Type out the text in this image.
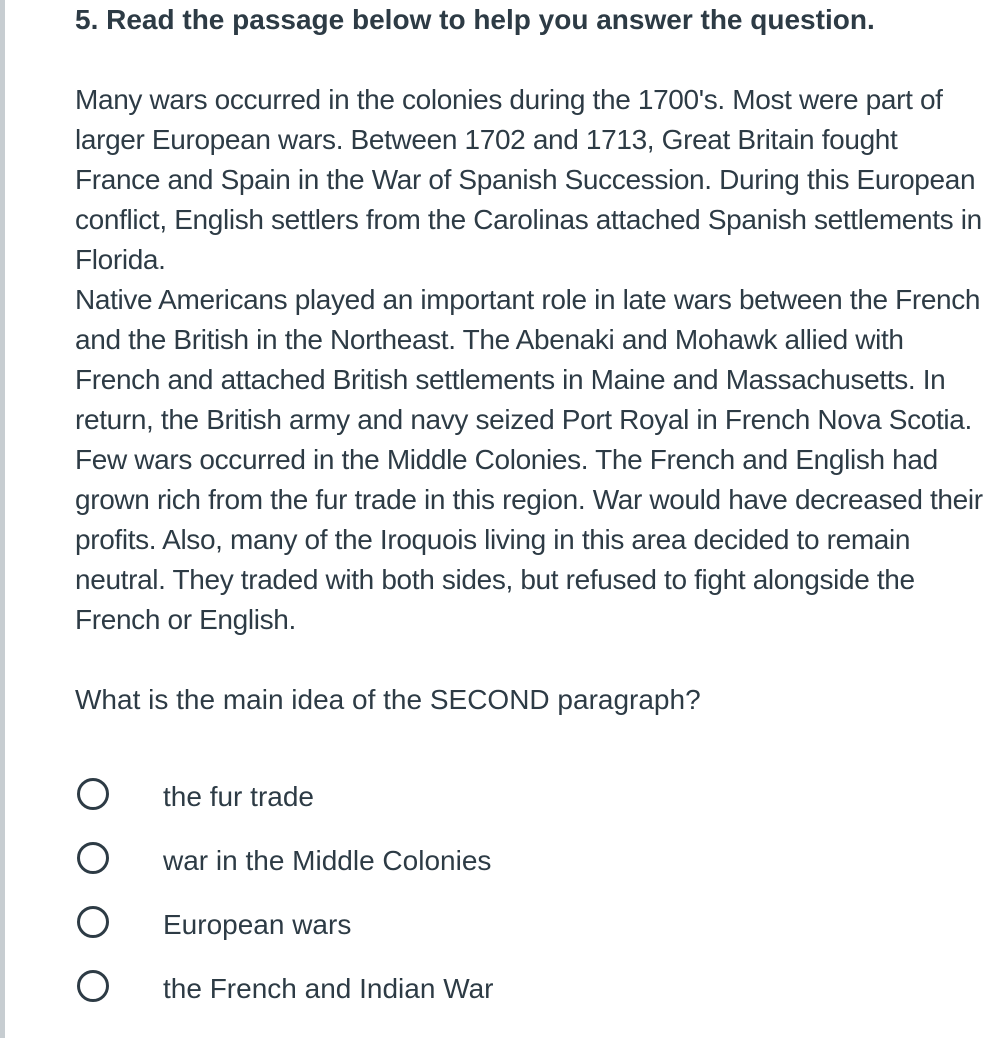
5. Read the passage below to help you answer the question.

Many wars occurred in the colonies during the 1700's. Most were part of larger European wars. Between 1702 and 1713, Great Britain fought France and Spain in the War of Spanish Succession. During this European conflict, English settlers from the Carolinas attached Spanish settlements in Florida.

Native Americans played an important role in late wars between the French and the British in the Northeast. The Abenaki and Mohawk allied with French and attached British settlements in Maine and Massachusetts. In return, the British army and navy seized Port Royal in French Nova Scotia.

Few wars occurred in the Middle Colonies. The French and English had grown rich from the fur trade in this region. War would have decreased their profits. Also, many of the Iroquois living in this area decided to remain neutral. They traded with both sides, but refused to fight alongside the French or English.

What is the main idea of the SECOND paragraph?

the fur trade
war in the Middle Colonies
European wars
the French and Indian War
